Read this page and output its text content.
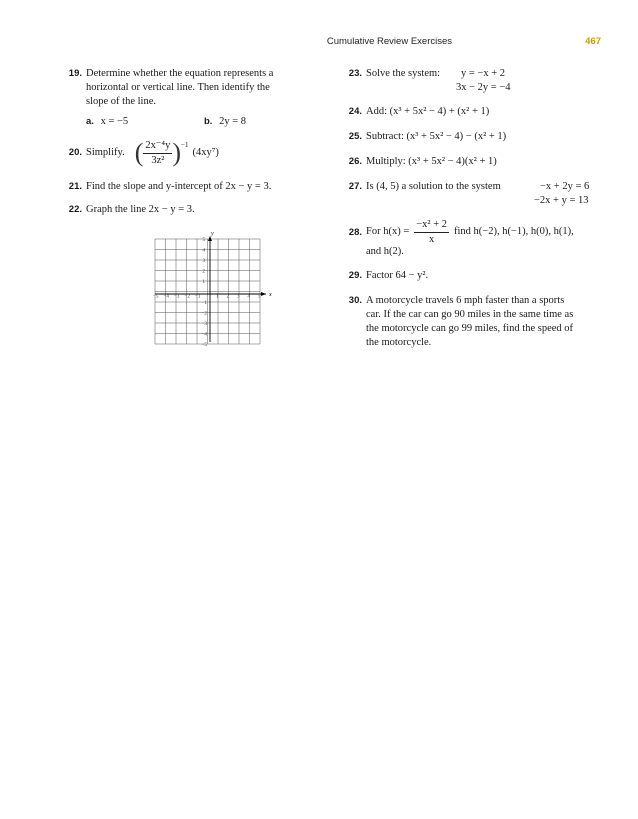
Cumulative Review Exercises	467
19. Determine whether the equation represents a
horizontal or vertical line. Then identify the
slope of the line.
a. x = −5	b. 2y = 8
20. Simplify. ( $\frac{\text{2x⁻⁴y}}{\text{3z²}}$ ) −1
(4xy⁷)
21. Find the slope and y-intercept of 2x − y = 3.
22. Graph the line 2x − y = 3.
x
y
−5 −4 −3 −2 −1	1 2 3 4 5
5
4
3
2
1
−1
−2
−3
−4
−5
23. Solve the system: y = −x + 2
3x − 2y = −4
24. Add: (x³ + 5x² − 4) + (x² + 1)
25. Subtract: (x³ + 5x² − 4) − (x² + 1)
26. Multiply: (x³ + 5x² − 4)(x² + 1)
27. Is (4, 5) a solution to the system	−x + 2y = 6
−2x + y = 13
28. For $h(x) = \frac{\text{−x² + 2}}{x}$ find h(−2), h(−1), h(0), h(1),
and h(2).
29. Factor 64 − y².
30. A motorcycle travels 6 mph faster than a sports
car. If the car can go 90 miles in the same time as
the motorcycle can go 99 miles, find the speed of
the motorcycle.
